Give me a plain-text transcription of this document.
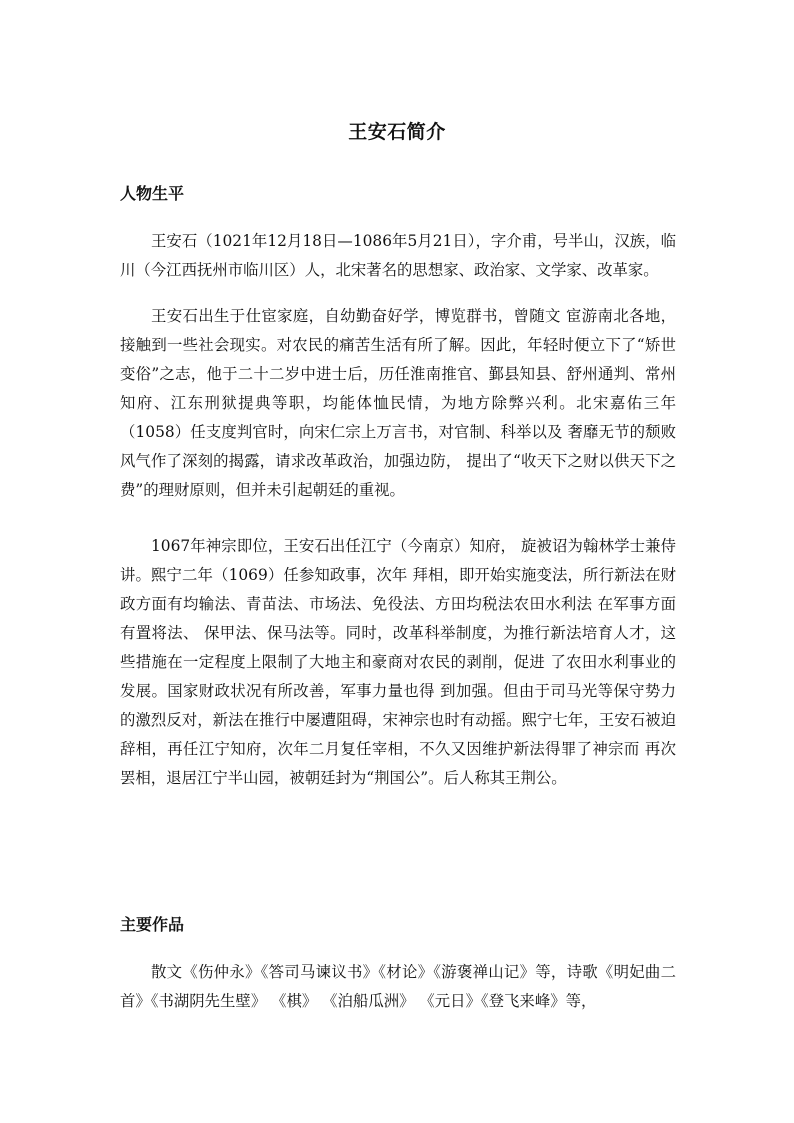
王安石简介
人物生平

王安石（1021年12月18日—1086年5月21日），字介甫，号半山，汉族，临川（今江西抚州市临川区）人，北宋著名的思想家、政治家、文学家、改革家。

王安石出生于仕宦家庭，自幼勤奋好学，博览群书，曾随文 宦游南北各地，接触到一些社会现实。对农民的痛苦生活有所了解。因此，年轻时便立下了“矫世变俗”之志，他于二十二岁中进士后，历任淮南推官、鄞县知县、舒州通判、常州知府、江东刑狱提典等职，均能体恤民情，为地方除弊兴利。北宋嘉佑三年（1058）任支度判官时，向宋仁宗上万言书，对官制、科举以及 奢靡无节的颓败风气作了深刻的揭露，请求改革政治，加强边防， 提出了“收天下之财以供天下之费”的理财原则，但并未引起朝廷的重视。

1067年神宗即位，王安石出任江宁（今南京）知府， 旋被诏为翰林学士兼侍讲。熙宁二年（1069）任参知政事，次年 拜相，即开始实施变法，所行新法在财政方面有均输法、青苗法、市场法、免役法、方田均税法农田水利法 在军事方面有置将法、 保甲法、保马法等。同时，改革科举制度，为推行新法培育人才，这些措施在一定程度上限制了大地主和豪商对农民的剥削，促进 了农田水利事业的发展。国家财政状况有所改善，军事力量也得 到加强。但由于司马光等保守势力的激烈反对，新法在推行中屡遭阻碍，宋神宗也时有动摇。熙宁七年，王安石被迫辞相，再任江宁知府，次年二月复任宰相，不久又因维护新法得罪了神宗而 再次罢相，退居江宁半山园，被朝廷封为“荆国公”。后人称其王荆公。

主要作品

散文《伤仲永》《答司马谏议书》《材论》《游褒禅山记》等，诗歌《明妃曲二首》《书湖阴先生壁》 《棋》 《泊船瓜洲》 《元日》《登飞来峰》等，
